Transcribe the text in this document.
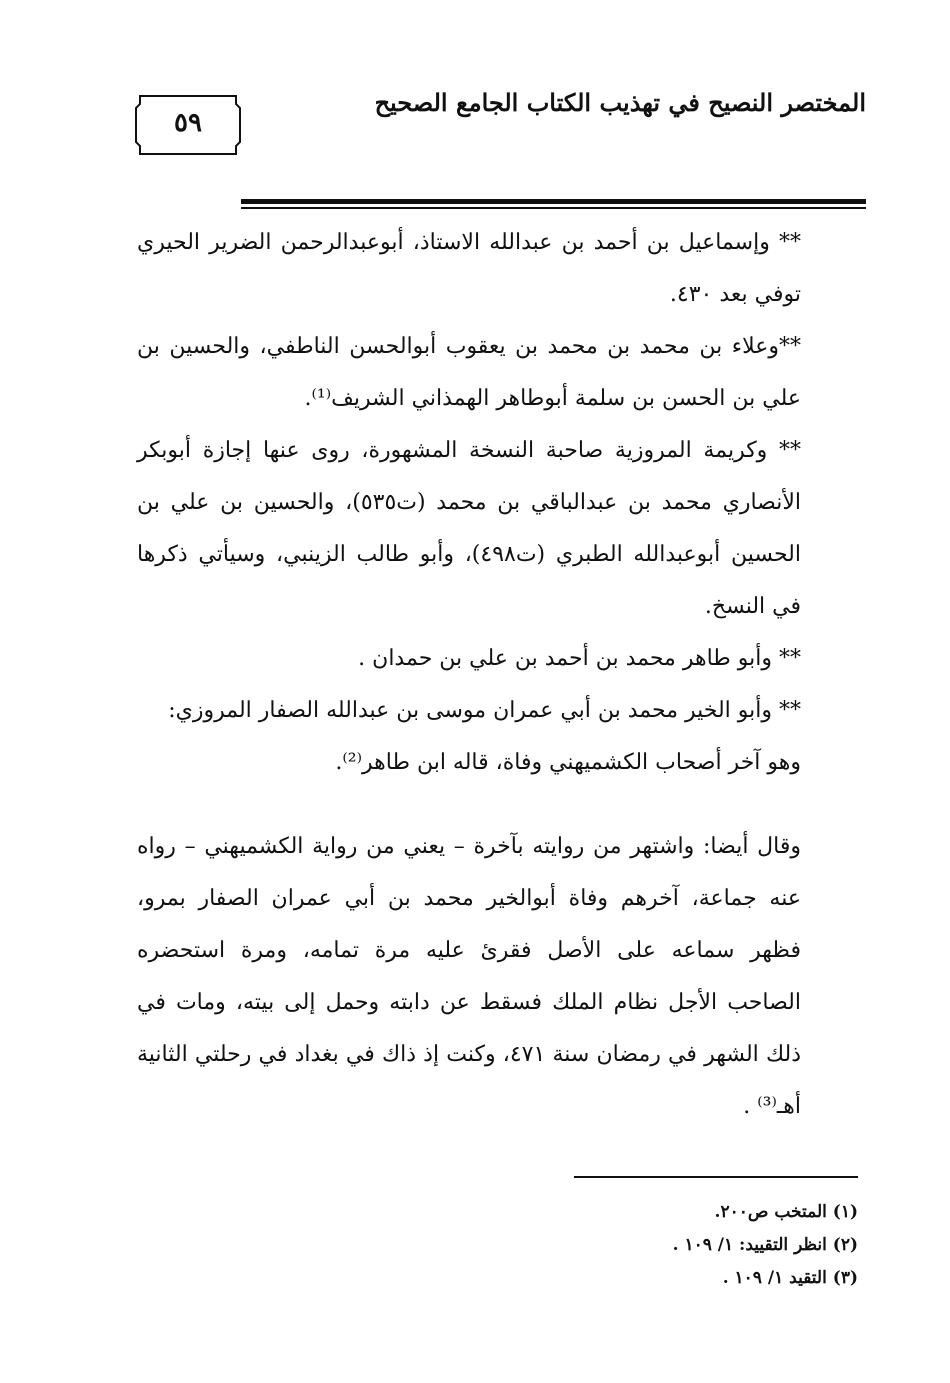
المختصر النصيح في تهذيب الكتاب الجامع الصحيح
٥٩

** وإسماعيل بن أحمد بن عبدالله الاستاذ، أبوعبدالرحمن الضرير الحيري توفي بعد ٤٣٠.

**وعلاء بن محمد بن محمد بن يعقوب أبوالحسن الناطفي، والحسين بن علي بن الحسن بن سلمة أبوطاهر الهمذاني الشريف⁽¹⁾.

** وكريمة المروزية صاحبة النسخة المشهورة، روى عنها إجازة أبوبكر الأنصاري محمد بن عبدالباقي بن محمد (ت٥٣٥)، والحسين بن علي بن الحسين أبوعبدالله الطبري (ت٤٩٨)، وأبو طالب الزينبي، وسيأتي ذكرها في النسخ.

** وأبو طاهر محمد بن أحمد بن علي بن حمدان .

** وأبو الخير محمد بن أبي عمران موسى بن عبدالله الصفار المروزي:

وهو آخر أصحاب الكشميهني وفاة، قاله ابن طاهر⁽²⁾.

وقال أيضا: واشتهر من روايته بآخرة – يعني من رواية الكشميهني – رواه عنه جماعة، آخرهم وفاة أبوالخير محمد بن أبي عمران الصفار بمرو، فظهر سماعه على الأصل فقرئ عليه مرة تمامه، ومرة استحضره الصاحب الأجل نظام الملك فسقط عن دابته وحمل إلى بيته، ومات في ذلك الشهر في رمضان سنة ٤٧١، وكنت إذ ذاك في بغداد في رحلتي الثانية أهـ⁽³⁾ .

(١) المتخب ص٢٠٠.
(٢) انظر التقييد: ١/ ١٠٩ .
(٣) التقيد ١/ ١٠٩ .
